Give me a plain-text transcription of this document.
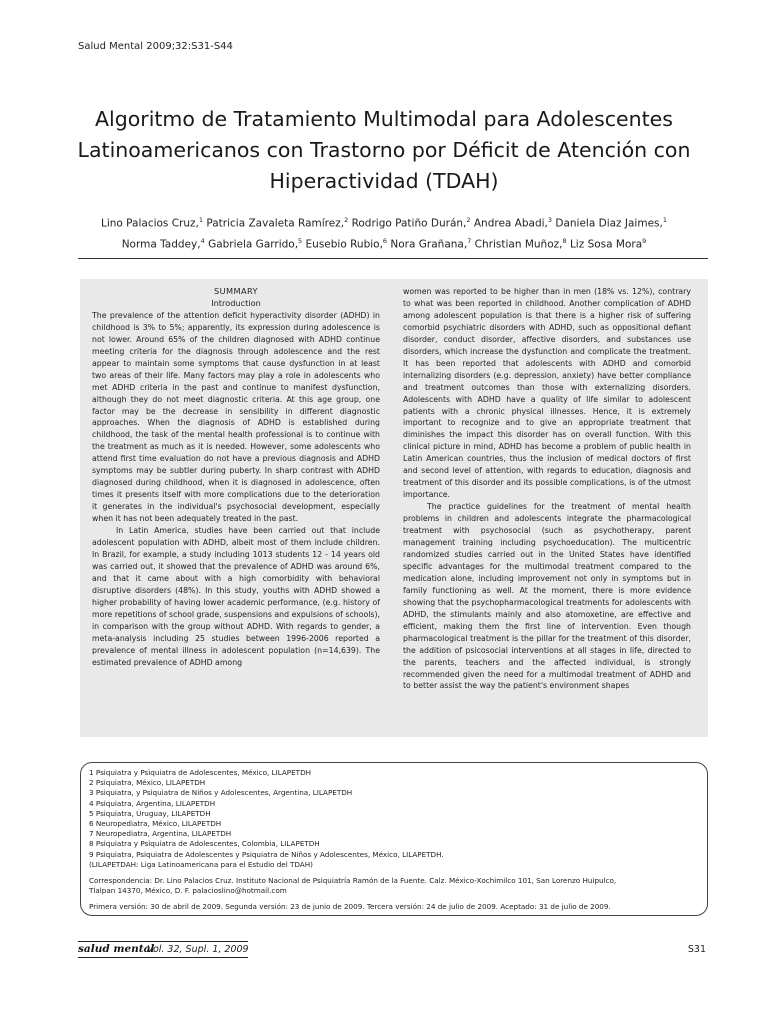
Salud Mental 2009;32:S31-S44
Algoritmo de Tratamiento Multimodal para Adolescentes Latinoamericanos con Trastorno por Déficit de Atención con Hiperactividad (TDAH)

Lino Palacios Cruz,$^1$ Patricia Zavaleta Ramírez,$^2$ Rodrigo Patiño Durán,$^2$ Andrea Abadi,$^3$ Daniela Diaz Jaimes,$^1$
Norma Taddey,$^4$ Gabriela Garrido,$^5$ Eusebio Rubio,$^6$ Nora Grañana,$^7$ Christian Muñoz,$^8$ Liz Sosa Mora$^9$

SUMMARY

Introduction

The prevalence of the attention deficit hyperactivity disorder (ADHD) in childhood is 3% to 5%; apparently, its expression during adolescence is not lower. Around 65% of the children diagnosed with ADHD continue meeting criteria for the diagnosis through adolescence and the rest appear to maintain some symptoms that cause dysfunction in at least two areas of their life. Many factors may play a role in adolescents who met ADHD criteria in the past and continue to manifest dysfunction, although they do not meet diagnostic criteria. At this age group, one factor may be the decrease in sensibility in different diagnostic approaches. When the diagnosis of ADHD is established during childhood, the task of the mental health professional is to continue with the treatment as much as it is needed. However, some adolescents who attend first time evaluation do not have a previous diagnosis and ADHD symptoms may be subtler during puberty. In sharp contrast with ADHD diagnosed during childhood, when it is diagnosed in adolescence, often times it presents itself with more complications due to the deterioration it generates in the individual's psychosocial development, especially when it has not been adequately treated in the past.

In Latin America, studies have been carried out that include adolescent population with ADHD, albeit most of them include children. In Brazil, for example, a study including 1013 students 12 - 14 years old was carried out, it showed that the prevalence of ADHD was around 6%, and that it came about with a high comorbidity with behavioral disruptive disorders (48%). In this study, youths with ADHD showed a higher probability of having lower academic performance, (e.g. history of more repetitions of school grade, suspensions and expulsions of schools), in comparison with the group without ADHD. With regards to gender, a meta-analysis including 25 studies between 1996-2006 reported a prevalence of mental illness in adolescent population (n=14,639). The estimated prevalence of ADHD among

women was reported to be higher than in men (18% vs. 12%), contrary to what was been reported in childhood. Another complication of ADHD among adolescent population is that there is a higher risk of suffering comorbid psychiatric disorders with ADHD, such as oppositional defiant disorder, conduct disorder, affective disorders, and substances use disorders, which increase the dysfunction and complicate the treatment. It has been reported that adolescents with ADHD and comorbid internalizing disorders (e.g. depression, anxiety) have better compliance and treatment outcomes than those with externalizing disorders. Adolescents with ADHD have a quality of life similar to adolescent patients with a chronic physical illnesses. Hence, it is extremely important to recognize and to give an appropriate treatment that diminishes the impact this disorder has on overall function. With this clinical picture in mind, ADHD has become a problem of public health in Latin American countries, thus the inclusion of medical doctors of first and second level of attention, with regards to education, diagnosis and treatment of this disorder and its possible complications, is of the utmost importance.

The practice guidelines for the treatment of mental health problems in children and adolescents integrate the pharmacological treatment with psychosocial (such as psychotherapy, parent management training including psychoeducation). The multicentric randomized studies carried out in the United States have identified specific advantages for the multimodal treatment compared to the medication alone, including improvement not only in symptoms but in family functioning as well. At the moment, there is more evidence showing that the psychopharmacological treatments for adolescents with ADHD, the stimulants mainly and also atomoxetine, are effective and efficient, making them the first line of intervention. Even though pharmacological treatment is the pillar for the treatment of this disorder, the addition of psicosocial interventions at all stages in life, directed to the parents, teachers and the affected individual, is strongly recommended given the need for a multimodal treatment of ADHD and to better assist the way the patient's environment shapes

1 Psiquiatra y Psiquiatra de Adolescentes, México, LILAPETDH
2 Psiquiatra, México, LILAPETDH
3 Psiquiatra, y Psiquiatra de Niños y Adolescentes, Argentina, LILAPETDH
4 Psiquiatra, Argentina, LILAPETDH
5 Psiquiatra, Uruguay, LILAPETDH
6 Neuropediatra, México, LILAPETDH
7 Neuropediatra, Argentina, LILAPETDH
8 Psiquiatra y Psiquiatra de Adolescentes, Colombia, LILAPETDH
9 Psiquiatra, Psiquiatra de Adolescentes y Psiquiatra de Niños y Adolescentes, México, LILAPETDH.
(LILAPETDAH: Liga Latinoamericana para el Estudio del TDAH)
Correspondencia: Dr. Lino Palacios Cruz. Instituto Nacional de Psiquiatría Ramón de la Fuente. Calz. México-Xochimilco 101, San Lorenzo Huipulco,
Tlalpan 14370, México, D. F. palacioslino@hotmail.com
Primera versión: 30 de abril de 2009. Segunda versión: 23 de junio de 2009. Tercera versión: 24 de julio de 2009. Aceptado: 31 de julio de 2009.
salud mental
Vol. 32, Supl. 1, 2009	S31
